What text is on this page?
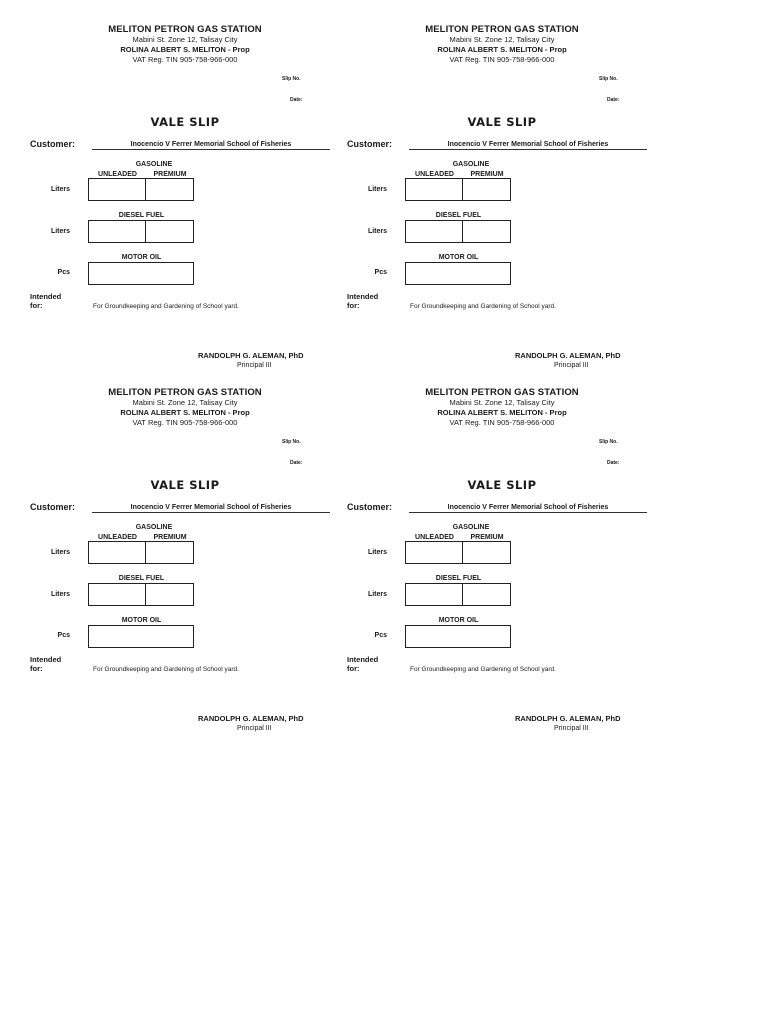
MELITON PETRON GAS STATION
Mabini St. Zone 12, Talisay City
ROLINA ALBERT S. MELITON - Prop
VAT Reg. TIN 905-758-966-000
Slip No.
Date:
VALE SLIP
Customer:	Inocencio V Ferrer Memorial School of Fisheries
GASOLINE
UNLEADED	PREMIUM
Liters
DIESEL FUEL
Liters
MOTOR OIL
Pcs
Intended
for:	For Groundkeeping and Gardening of School yard.
RANDOLPH G. ALEMAN, PhD
Principal III
MELITON PETRON GAS STATION
Mabini St. Zone 12, Talisay City
ROLINA ALBERT S. MELITON - Prop
VAT Reg. TIN 905-758-966-000
Slip No.
Date:
VALE SLIP
Customer:	Inocencio V Ferrer Memorial School of Fisheries
GASOLINE
UNLEADED	PREMIUM
Liters
DIESEL FUEL
Liters
MOTOR OIL
Pcs
Intended
for:	For Groundkeeping and Gardening of School yard.
RANDOLPH G. ALEMAN, PhD
Principal III
MELITON PETRON GAS STATION
Mabini St. Zone 12, Talisay City
ROLINA ALBERT S. MELITON - Prop
VAT Reg. TIN 905-758-966-000
Slip No.
Date:
VALE SLIP
Customer:	Inocencio V Ferrer Memorial School of Fisheries
GASOLINE
UNLEADED	PREMIUM
Liters
DIESEL FUEL
Liters
MOTOR OIL
Pcs
Intended
for:	For Groundkeeping and Gardening of School yard.
RANDOLPH G. ALEMAN, PhD
Principal III
MELITON PETRON GAS STATION
Mabini St. Zone 12, Talisay City
ROLINA ALBERT S. MELITON - Prop
VAT Reg. TIN 905-758-966-000
Slip No.
Date:
VALE SLIP
Customer:	Inocencio V Ferrer Memorial School of Fisheries
GASOLINE
UNLEADED	PREMIUM
Liters
DIESEL FUEL
Liters
MOTOR OIL
Pcs
Intended
for:	For Groundkeeping and Gardening of School yard.
RANDOLPH G. ALEMAN, PhD
Principal III
